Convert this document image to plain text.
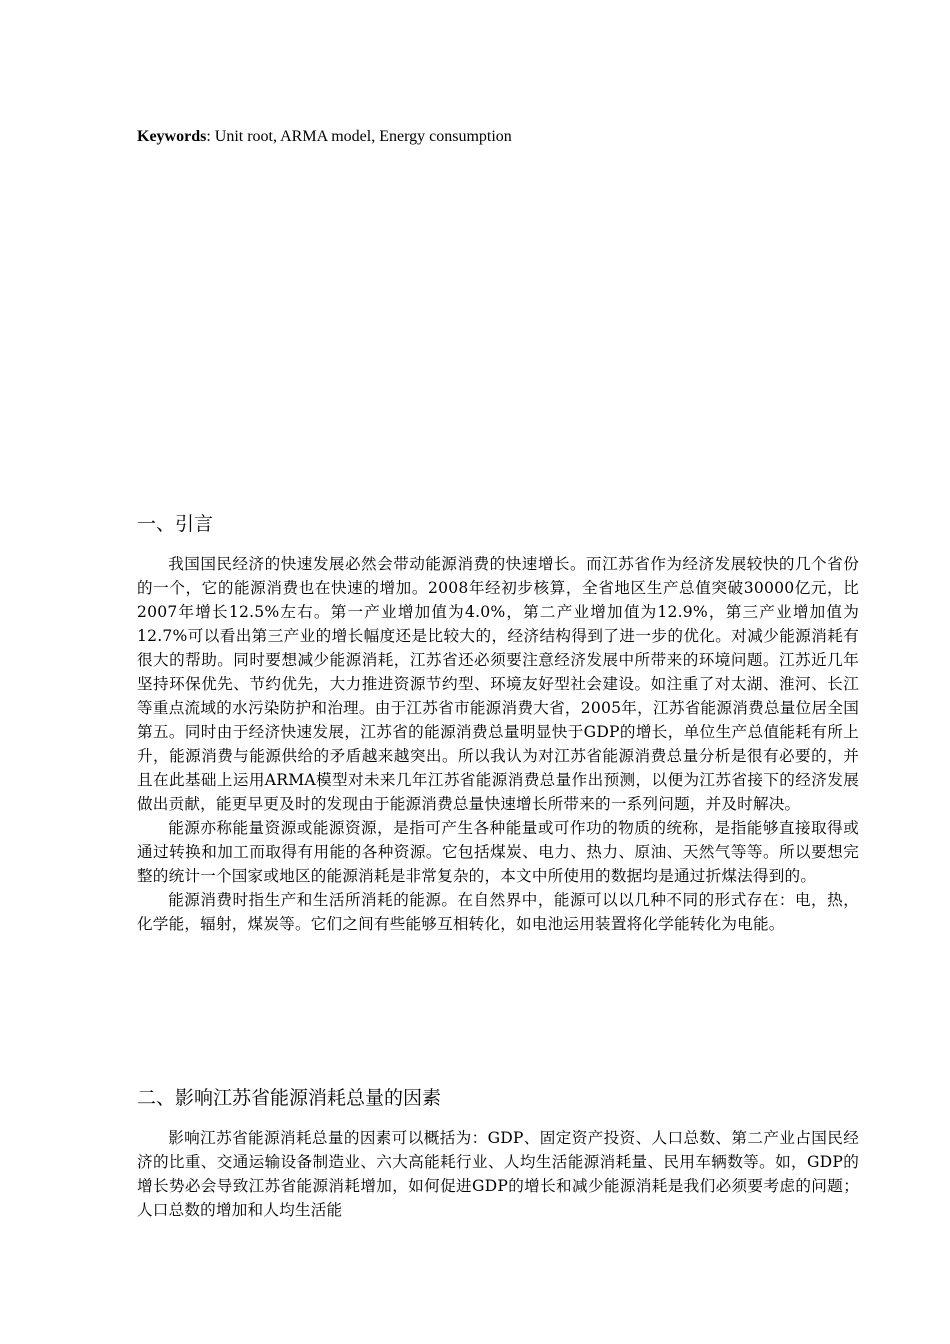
Keywords: Unit root, ARMA model, Energy consumption
一、引言

我国国民经济的快速发展必然会带动能源消费的快速增长。而江苏省作为经济发展较快的几个省份的一个，它的能源消费也在快速的增加。2008年经初步核算，全省地区生产总值突破30000亿元，比2007年增长12.5%左右。第一产业增加值为4.0%，第二产业增加值为12.9%，第三产业增加值为12.7%可以看出第三产业的增长幅度还是比较大的，经济结构得到了进一步的优化。对减少能源消耗有很大的帮助。同时要想减少能源消耗，江苏省还必须要注意经济发展中所带来的环境问题。江苏近几年坚持环保优先、节约优先，大力推进资源节约型、环境友好型社会建设。如注重了对太湖、淮河、长江等重点流域的水污染防护和治理。由于江苏省市能源消费大省，2005年，江苏省能源消费总量位居全国第五。同时由于经济快速发展，江苏省的能源消费总量明显快于GDP的增长，单位生产总值能耗有所上升，能源消费与能源供给的矛盾越来越突出。所以我认为对江苏省能源消费总量分析是很有必要的，并且在此基础上运用ARMA模型对未来几年江苏省能源消费总量作出预测，以便为江苏省接下的经济发展做出贡献，能更早更及时的发现由于能源消费总量快速增长所带来的一系列问题，并及时解决。

能源亦称能量资源或能源资源，是指可产生各种能量或可作功的物质的统称，是指能够直接取得或通过转换和加工而取得有用能的各种资源。它包括煤炭、电力、热力、原油、天然气等等。所以要想完整的统计一个国家或地区的能源消耗是非常复杂的，本文中所使用的数据均是通过折煤法得到的。

能源消费时指生产和生活所消耗的能源。在自然界中，能源可以以几种不同的形式存在：电，热，化学能，辐射，煤炭等。它们之间有些能够互相转化，如电池运用装置将化学能转化为电能。

二、影响江苏省能源消耗总量的因素

影响江苏省能源消耗总量的因素可以概括为：GDP、固定资产投资、人口总数、第二产业占国民经济的比重、交通运输设备制造业、六大高能耗行业、人均生活能源消耗量、民用车辆数等。如，GDP的增长势必会导致江苏省能源消耗增加，如何促进GDP的增长和减少能源消耗是我们必须要考虑的问题；人口总数的增加和人均生活能
